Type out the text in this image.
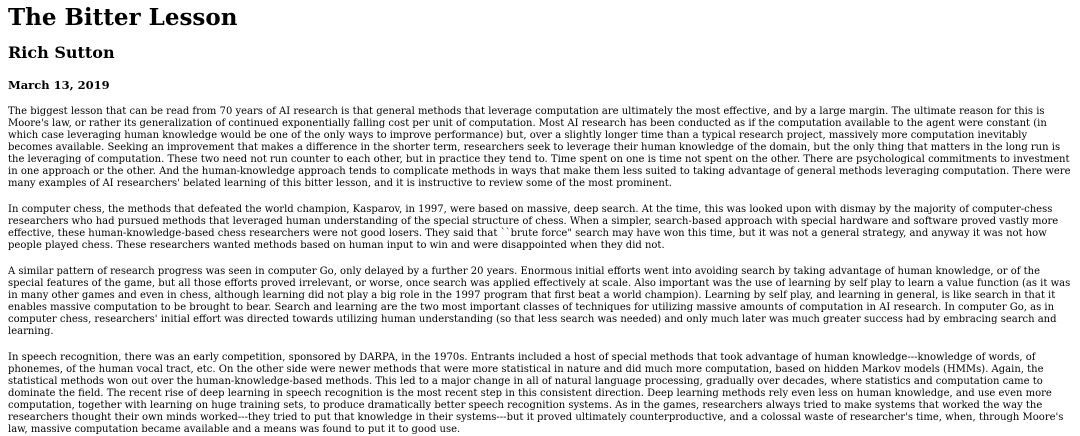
The Bitter Lesson
Rich Sutton
March 13, 2019

The biggest lesson that can be read from 70 years of AI research is that general methods that leverage computation are ultimately the most effective, and by a large margin. The ultimate reason for this is Moore's law, or rather its generalization of continued exponentially falling cost per unit of computation. Most AI research has been conducted as if the computation available to the agent were constant (in which case leveraging human knowledge would be one of the only ways to improve performance) but, over a slightly longer time than a typical research project, massively more computation inevitably becomes available. Seeking an improvement that makes a difference in the shorter term, researchers seek to leverage their human knowledge of the domain, but the only thing that matters in the long run is the leveraging of computation. These two need not run counter to each other, but in practice they tend to. Time spent on one is time not spent on the other. There are psychological commitments to investment in one approach or the other. And the human-knowledge approach tends to complicate methods in ways that make them less suited to taking advantage of general methods leveraging computation. There were many examples of AI researchers' belated learning of this bitter lesson, and it is instructive to review some of the most prominent.

In computer chess, the methods that defeated the world champion, Kasparov, in 1997, were based on massive, deep search. At the time, this was looked upon with dismay by the majority of computer-chess researchers who had pursued methods that leveraged human understanding of the special structure of chess. When a simpler, search-based approach with special hardware and software proved vastly more effective, these human-knowledge-based chess researchers were not good losers. They said that ``brute force" search may have won this time, but it was not a general strategy, and anyway it was not how people played chess. These researchers wanted methods based on human input to win and were disappointed when they did not.

A similar pattern of research progress was seen in computer Go, only delayed by a further 20 years. Enormous initial efforts went into avoiding search by taking advantage of human knowledge, or of the special features of the game, but all those efforts proved irrelevant, or worse, once search was applied effectively at scale. Also important was the use of learning by self play to learn a value function (as it was in many other games and even in chess, although learning did not play a big role in the 1997 program that first beat a world champion). Learning by self play, and learning in general, is like search in that it enables massive computation to be brought to bear. Search and learning are the two most important classes of techniques for utilizing massive amounts of computation in AI research. In computer Go, as in computer chess, researchers' initial effort was directed towards utilizing human understanding (so that less search was needed) and only much later was much greater success had by embracing search and learning.

In speech recognition, there was an early competition, sponsored by DARPA, in the 1970s. Entrants included a host of special methods that took advantage of human knowledge---knowledge of words, of phonemes, of the human vocal tract, etc. On the other side were newer methods that were more statistical in nature and did much more computation, based on hidden Markov models (HMMs). Again, the statistical methods won out over the human-knowledge-based methods. This led to a major change in all of natural language processing, gradually over decades, where statistics and computation came to dominate the field. The recent rise of deep learning in speech recognition is the most recent step in this consistent direction. Deep learning methods rely even less on human knowledge, and use even more computation, together with learning on huge training sets, to produce dramatically better speech recognition systems. As in the games, researchers always tried to make systems that worked the way the researchers thought their own minds worked---they tried to put that knowledge in their systems---but it proved ultimately counterproductive, and a colossal waste of researcher's time, when, through Moore's law, massive computation became available and a means was found to put it to good use.
